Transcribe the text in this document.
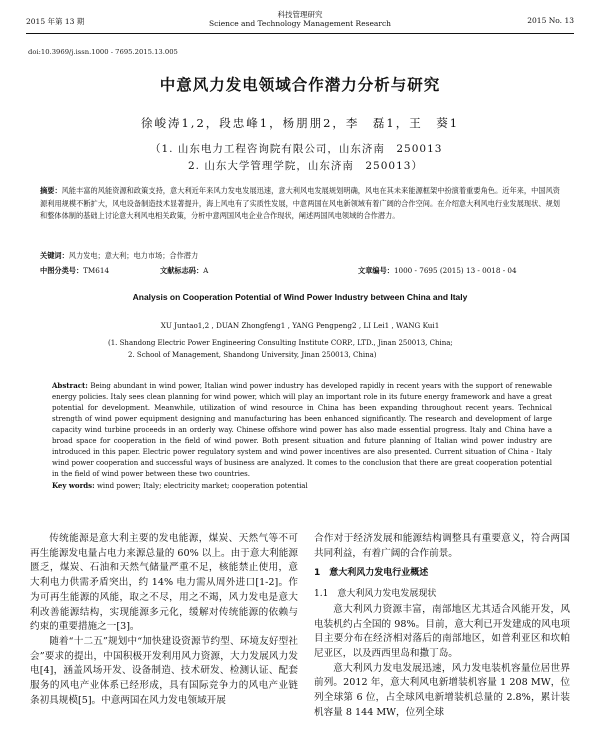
2015 年第 13 期
科技管理研究
Science and Technology Management Research	2015 No. 13
doi:10.3969/j.issn.1000 - 7695.2015.13.005
中意风力发电领域合作潜力分析与研究
徐峻涛1,2，段忠峰1，杨朋朋2，李　磊1，王　葵1
（1. 山东电力工程咨询院有限公司，山东济南　250013
2. 山东大学管理学院，山东济南　250013）
摘要：风能丰富的风能资源和政策支持，意大利近年来风力发电发展迅速，意大利风电发展规划明确，风电在其未来能源框架中扮演着重要角色。近年来，中国风资源利用规模不断扩大，风电设备制造技术显著提升，海上风电有了实质性发展，中意两国在风电新领域有着广阔的合作空间。在介绍意大利风电行业发展现状、规划和整体体制的基础上讨论意大利风电相关政策，分析中意两国风电企业合作现状，阐述两国风电领域的合作潜力。
关键词：风力发电；意大利；电力市场；合作潜力
中图分类号：TM614	文献标志码：A	文章编号：1000 - 7695 (2015) 13 - 0018 - 04
Analysis on Cooperation Potential of Wind Power Industry between China and Italy
XU Juntao1,2 , DUAN Zhongfeng1 , YANG Pengpeng2 , LI Lei1 , WANG Kui1
(1. Shandong Electric Power Engineering Consulting Institute CORP., LTD., Jinan 250013, China;
2. School of Management, Shandong University, Jinan 250013, China)
Abstract: Being abundant in wind power, Italian wind power industry has developed rapidly in recent years with the support of renewable energy policies. Italy sees clean planning for wind power, which will play an important role in its future energy framework and have a great potential for development. Meanwhile, utilization of wind resource in China has been expanding throughout recent years. Technical strength of wind power equipment designing and manufacturing has been enhanced significantly. The research and development of large capacity wind turbine proceeds in an orderly way. Chinese offshore wind power has also made essential progress. Italy and China have a broad space for cooperation in the field of wind power. Both present situation and future planning of Italian wind power industry are introduced in this paper. Electric power regulatory system and wind power incentives are also presented. Current situation of China - Italy wind power cooperation and successful ways of business are analyzed. It comes to the conclusion that there are great cooperation potential in the field of wind power between these two countries.
Key words: wind power; Italy; electricity market; cooperation potential

传统能源是意大利主要的发电能源，煤炭、天然气等不可再生能源发电量占电力来源总量的 60% 以上。由于意大利能源匮乏，煤炭、石油和天然气储量严重不足，核能禁止使用，意大利电力供需矛盾突出，约 14% 电力需从周外进口[1-2]。作为可再生能源的风能，取之不尽，用之不竭，风力发电是意大利改善能源结构，实现能源多元化，缓解对传统能源的依赖与约束的重要措施之一[3]。

随着“十二五”规划中“加快建设资源节约型、环境友好型社会”要求的提出，中国积极开发利用风力资源，大力发展风力发电[4]，涵盖风场开发、设备制造、技术研发、检测认证、配套服务的风电产业体系已经形成，具有国际竞争力的风电产业链条初具规模[5]。中意两国在风力发电领域开展

合作对于经济发展和能源结构调整具有重要意义，符合两国共同利益，有着广阔的合作前景。

1　意大利风力发电行业概述

1.1　意大利风力发电发展现状

意大利风力资源丰富，南部地区尤其适合风能开发，风电装机约占全国的 98%。目前，意大利已开发建成的风电项目主要分布在经济相对落后的南部地区，如普利亚区和坎帕尼亚区，以及西西里岛和撒丁岛。

意大利风力发电发展迅速，风力发电装机容量位居世界前列。2012 年，意大利风电新增装机容量 1 208 MW，位列全球第 6 位，占全球风电新增装机总量的 2.8%，累计装机容量 8 144 MW，位列全球
